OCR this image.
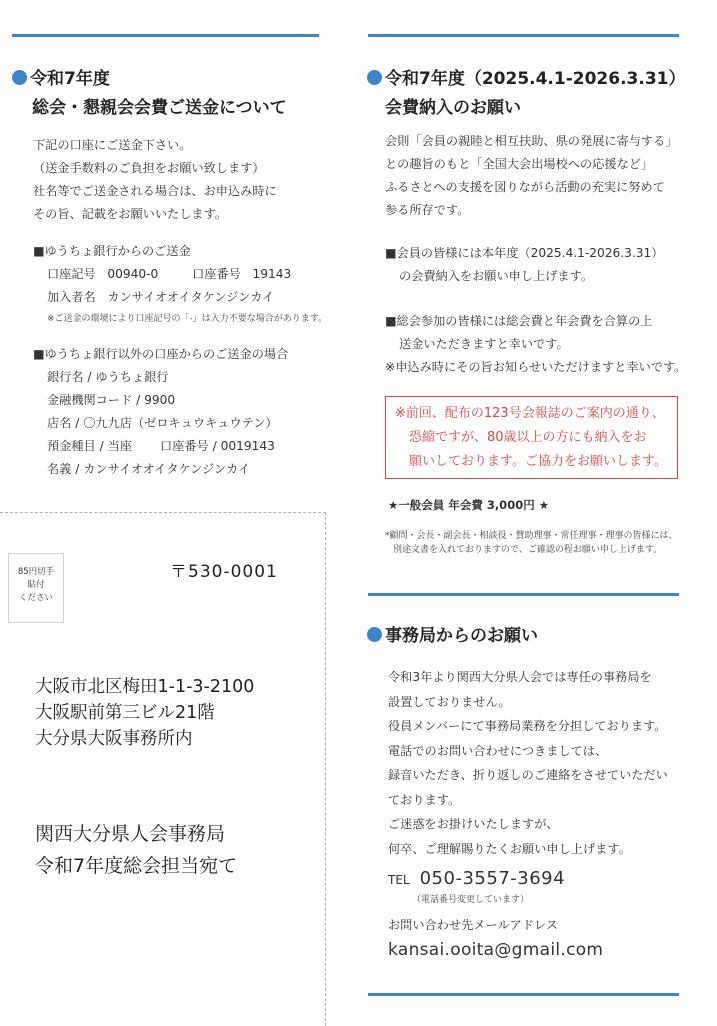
令和7年度
総会・懇親会会費ご送金について
下記の口座にご送金下さい。
（送金手数料のご負担をお願い致します）
社名等でご送金される場合は、お申込み時に
その旨、記載をお願いいたします。
■ゆうちょ銀行からのご送金
口座記号 00940-0	口座番号 19143
加入者名 カンサイオオイタケンジンカイ
※ご送金の環境により口座記号の「-」は入力不要な場合があります。
■ゆうちょ銀行以外の口座からのご送金の場合
銀行名 / ゆうちょ銀行
金融機関コード / 9900
店名 / 〇九九店（ゼロキュウキュウテン）
預金種目 / 当座 口座番号 / 0019143
名義 / カンサイオオイタケンジンカイ
令和7年度（2025.4.1-2026.3.31）
会費納入のお願い
会則「会員の親睦と相互扶助、県の発展に寄与する」
との趣旨のもと「全国大会出場校への応援など」
ふるさとへの支援を図りながら活動の充実に努めて
参る所存です。
■会員の皆様には本年度（2025.4.1-2026.3.31）
の会費納入をお願い申し上げます。
■総会参加の皆様には総会費と年会費を合算の上
送金いただきますと幸いです。
※申込み時にその旨お知らせいただけますと幸いです。
※前回、配布の123号会報誌のご案内の通り、
恐縮ですが、80歳以上の方にも納入をお
願いしております。ご協力をお願いします。
★一般会員 年会費 3,000円 ★
*顧問・会長・副会長・相談役・賛助理事・常任理事・理事の皆様には、
別途文書を入れておりますので、ご確認の程お願い申し上げます。
事務局からのお願い
令和3年より関西大分県人会では専任の事務局を
設置しておりません。
役員メンバーにて事務局業務を分担しております。
電話でのお問い合わせにつきましては、
録音いただき、折り返しのご連絡をさせていただい
ております。
ご迷惑をお掛けいたしますが、
何卒、ご理解賜りたくお願い申し上げます。
TEL 050-3557-3694
（電話番号変更しています）
お問い合わせ先メールアドレス
kansai.ooita@gmail.com
85円切手
貼付
ください
〒530-0001
大阪市北区梅田1-1-3-2100
大阪駅前第三ビル21階
大分県大阪事務所内
関西大分県人会事務局
令和7年度総会担当宛て
